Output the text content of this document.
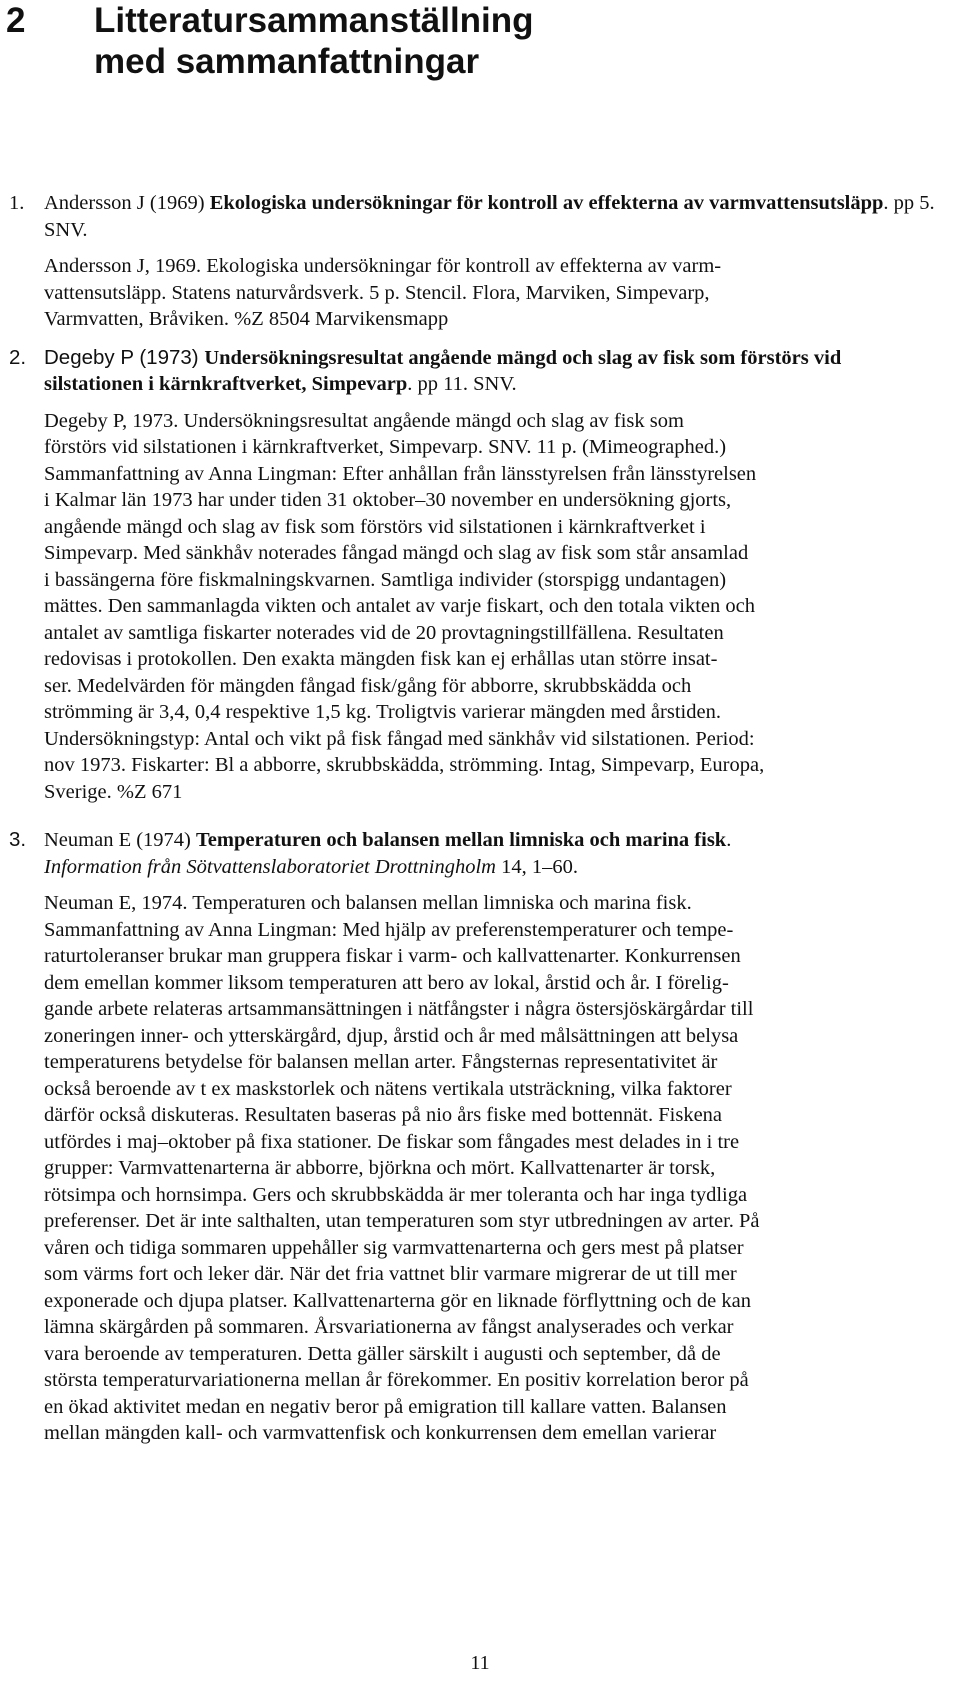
2 Litteratursammanställning
med sammanfattningar
1. Andersson J (1969) Ekologiska undersökningar för kontroll av effekterna av varmvattensutsläpp. pp 5. SNV.

Andersson J, 1969. Ekologiska undersökningar för kontroll av effekterna av varm-
vattensutsläpp. Statens naturvårdsverk. 5 p. Stencil. Flora, Marviken, Simpevarp,
Varmvatten, Bråviken. %Z 8504 Marvikensmapp

2. Degeby P (1973) Undersökningsresultat angående mängd och slag av fisk som förstörs vid silstationen i kärnkraftverket, Simpevarp. pp 11. SNV.

Degeby P, 1973. Undersökningsresultat angående mängd och slag av fisk som
förstörs vid silstationen i kärnkraftverket, Simpevarp. SNV. 11 p. (Mimeographed.)
Sammanfattning av Anna Lingman: Efter anhållan från länsstyrelsen från länsstyrelsen
i Kalmar län 1973 har under tiden 31 oktober–30 november en undersökning gjorts,
angående mängd och slag av fisk som förstörs vid silstationen i kärnkraftverket i
Simpevarp. Med sänkhåv noterades fångad mängd och slag av fisk som står ansamlad
i bassängerna före fiskmalningskvarnen. Samtliga individer (storspigg undantagen)
mättes. Den sammanlagda vikten och antalet av varje fiskart, och den totala vikten och
antalet av samtliga fiskarter noterades vid de 20 provtagningstillfällena. Resultaten
redovisas i protokollen. Den exakta mängden fisk kan ej erhållas utan större insat-
ser. Medelvärden för mängden fångad fisk/gång för abborre, skrubbskädda och
strömming är 3,4, 0,4 respektive 1,5 kg. Troligtvis varierar mängden med årstiden.
Undersökningstyp: Antal och vikt på fisk fångad med sänkhåv vid silstationen. Period:
nov 1973. Fiskarter: Bl a abborre, skrubbskädda, strömming. Intag, Simpevarp, Europa,
Sverige. %Z 671

3. Neuman E (1974) Temperaturen och balansen mellan limniska och marina fisk.
Information från Sötvattenslaboratoriet Drottningholm 14, 1–60.

Neuman E, 1974. Temperaturen och balansen mellan limniska och marina fisk.
Sammanfattning av Anna Lingman: Med hjälp av preferenstemperaturer och tempe-
raturtoleranser brukar man gruppera fiskar i varm- och kallvattenarter. Konkurrensen
dem emellan kommer liksom temperaturen att bero av lokal, årstid och år. I förelig-
gande arbete relateras artsammansättningen i nätfångster i några östersjöskärgårdar till
zoneringen inner- och ytterskärgård, djup, årstid och år med målsättningen att belysa
temperaturens betydelse för balansen mellan arter. Fångsternas representativitet är
också beroende av t ex maskstorlek och nätens vertikala utsträckning, vilka faktorer
därför också diskuteras. Resultaten baseras på nio års fiske med bottennät. Fiskena
utfördes i maj–oktober på fixa stationer. De fiskar som fångades mest delades in i tre
grupper: Varmvattenarterna är abborre, björkna och mört. Kallvattenarter är torsk,
rötsimpa och hornsimpa. Gers och skrubbskädda är mer toleranta och har inga tydliga
preferenser. Det är inte salthalten, utan temperaturen som styr utbredningen av arter. På
våren och tidiga sommaren uppehåller sig varmvattenarterna och gers mest på platser
som värms fort och leker där. När det fria vattnet blir varmare migrerar de ut till mer
exponerade och djupa platser. Kallvattenarterna gör en liknade förflyttning och de kan
lämna skärgården på sommaren. Årsvariationerna av fångst analyserades och verkar
vara beroende av temperaturen. Detta gäller särskilt i augusti och september, då de
största temperaturvariationerna mellan år förekommer. En positiv korrelation beror på
en ökad aktivitet medan en negativ beror på emigration till kallare vatten. Balansen
mellan mängden kall- och varmvattenfisk och konkurrensen dem emellan varierar

11
